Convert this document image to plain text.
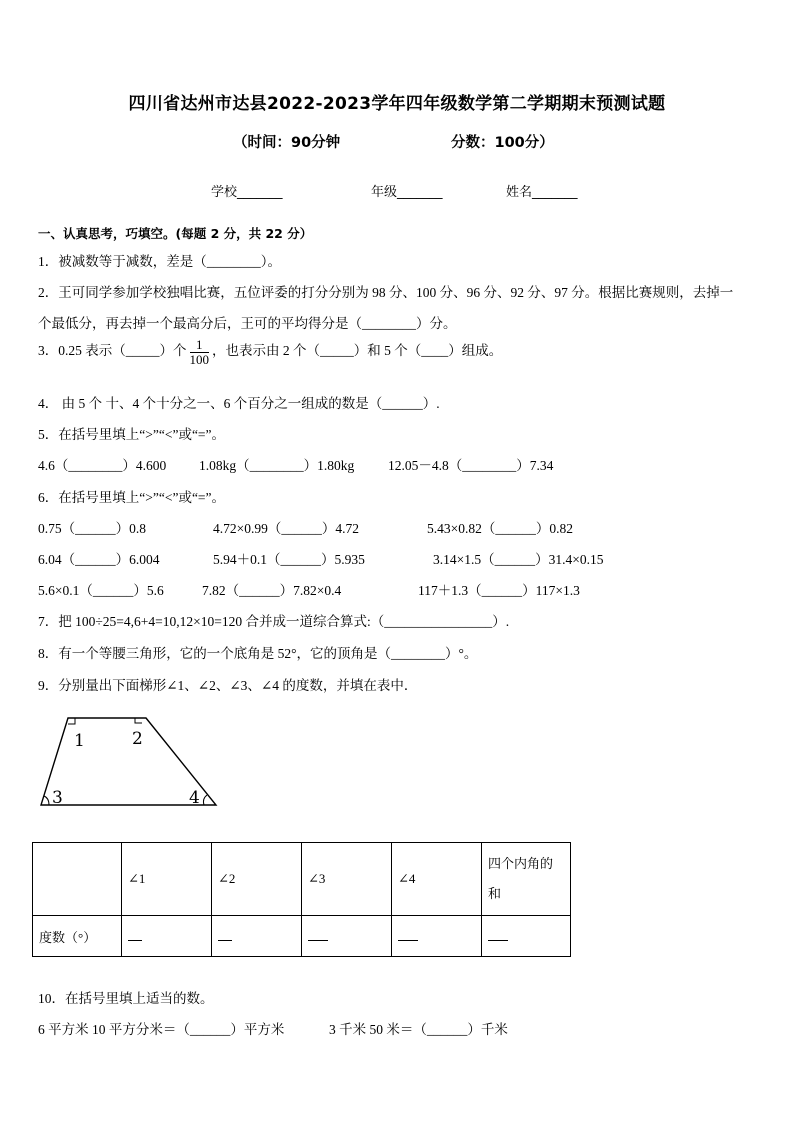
四川省达州市达县2022-2023学年四年级数学第二学期期末预测试题
（时间：90分钟	分数：100分）
学校_______	年级_______	姓名_______
一、认真思考，巧填空。(每题 2 分，共 22 分）
1．被减数等于减数，差是（________）。
2．王可同学参加学校独唱比赛，五位评委的打分分别为 98 分、100 分、96 分、92 分、97 分。根据比赛规则，去掉一
个最低分，再去掉一个最高分后，王可的平均得分是（________）分。
3．0.25 表示（_____）个 $\frac{1}{100}$ ，也表示由 2 个（_____）和 5 个（____）组成。
4． 由 5 个 十、4 个十分之一、6 个百分之一组成的数是（______）.
5．在括号里填上“>”“<”或“=”。
4.6（________）4.600 1.08kg（________）1.80kg	12.05－4.8（________）7.34
6．在括号里填上“>”“<”或“=”。
0.75（______）0.8	4.72×0.99（______）4.72	5.43×0.82（______）0.82
6.04（______）6.004	5.94＋0.1（______）5.935	3.14×1.5（______）31.4×0.15
5.6×0.1（______）5.6	7.82（______）7.82×0.4	117＋1.3（______）117×1.3
7．把 100÷25=4,6+4=10,12×10=120 合并成一道综合算式:（________________）.
8．有一个等腰三角形，它的一个底角是 52°，它的顶角是（________）°。
9．分别量出下面梯形∠1、∠2、∠3、∠4 的度数，并填在表中．
1	2
3	4
	∠1	∠2	∠3	∠4	四个内角的和
度数（°）					
10．在括号里填上适当的数。
6 平方米 10 平方分米＝（______）平方米	3 千米 50 米＝（______）千米
